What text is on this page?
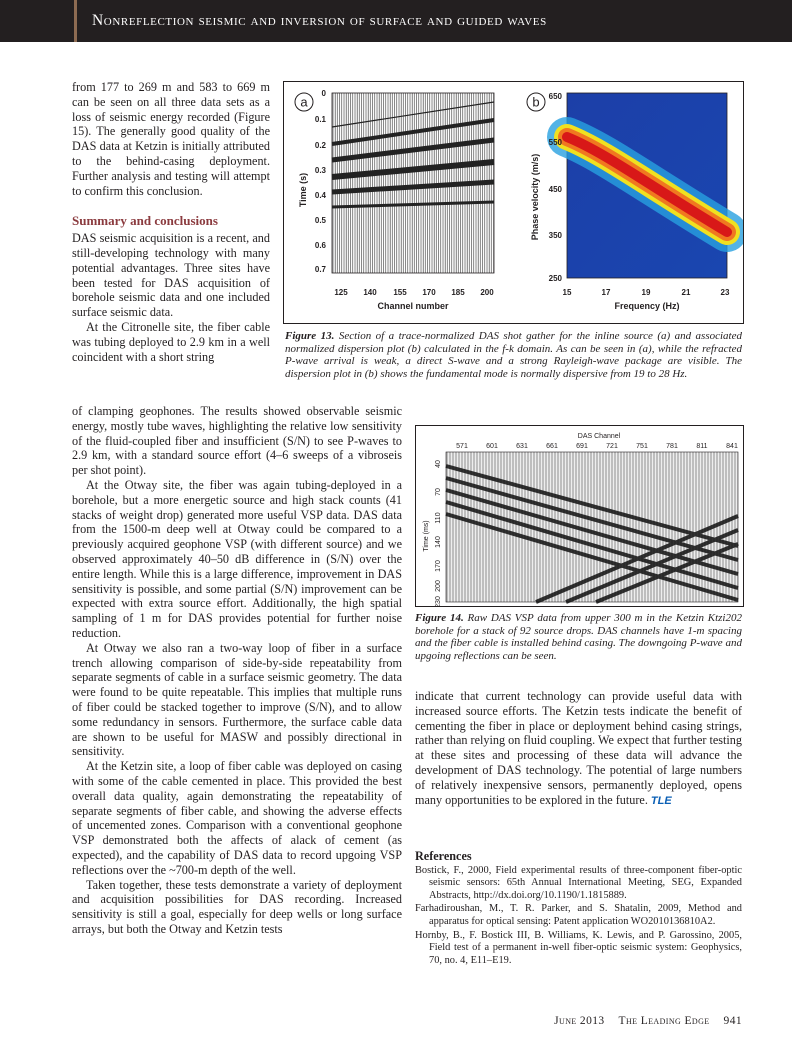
Nonreflection seismic and inversion of surface and guided waves

from 177 to 269 m and 583 to 669 m can be seen on all three data sets as a loss of seismic energy recorded (Figure 15). The generally good quality of the DAS data at Ketzin is initially attributed to the behind-casing deployment. Further analysis and testing will attempt to confirm this conclusion.

Summary and conclusions

DAS seismic acquisition is a recent, and still-developing technology with many potential advantages. Three sites have been tested for DAS acquisition of borehole seismic data and one included surface seismic data.

At the Citronelle site, the fiber cable was tubing deployed to 2.9 km in a well coincident with a short string

of clamping geophones. The results showed observable seismic energy, mostly tube waves, highlighting the relative low sensitivity of the fluid-coupled fiber and insufficient (S/N) to see P-waves to 2.9 km, with a standard source effort (4–6 sweeps of a vibroseis per shot point).

At the Otway site, the fiber was again tubing-deployed in a borehole, but a more energetic source and high stack counts (41 stacks of weight drop) generated more useful VSP data. DAS data from the 1500-m deep well at Otway could be compared to a previously acquired geophone VSP (with different source) and we observed approximately 40–50 dB difference in (S/N) over the entire length. While this is a large difference, improvement in DAS sensitivity is possible, and some partial (S/N) improvement can be expected with extra source effort. Additionally, the high spatial sampling of 1 m for DAS provides potential for further noise reduction.

At Otway we also ran a two-way loop of fiber in a surface trench allowing comparison of side-by-side repeatability from separate segments of cable in a surface seismic geometry. The data were found to be quite repeatable. This implies that multiple runs of fiber could be stacked together to improve (S/N), and to allow some redundancy in sensors. Furthermore, the surface cable data are shown to be useful for MASW and possibly directional in sensitivity.

At the Ketzin site, a loop of fiber cable was deployed on casing with some of the cable cemented in place. This provided the best overall data quality, again demonstrating the repeatability of separate segments of fiber cable, and showing the adverse effects of uncemented zones. Comparison with a conventional geophone VSP demonstrated both the affects of alack of cement (as expected), and the capability of DAS data to record upgoing VSP reflections over the ~700-m depth of the well.

Taken together, these tests demonstrate a variety of deployment and acquisition possibilities for DAS recording. Increased sensitivity is still a goal, especially for deep wells or long surface arrays, but both the Otway and Ketzin tests

a
0
0.1
0.2
0.3
0.4
0.5
0.6
0.7
Time (s)
125 140 155 170 185 200
Channel number
b 650
550
450
350
250
Phase velocity (m/s)
15	17	19	21	23
Frequency (Hz)
Figure 13. Section of a trace-normalized DAS shot gather for the inline source (a) and associated normalized dispersion plot (b) calculated in the f-k domain. As can be seen in (a), while the refracted P-wave arrival is weak, a direct S-wave and a strong Rayleigh-wave package are visible. The dispersion plot in (b) shows the fundamental mode is normally dispersive from 19 to 28 Hz.
DAS Channel
571	601	631	661	691	721	751	781	811	841
40
70
110
140
170
200
230
Time (ms)
Figure 14. Raw DAS VSP data from upper 300 m in the Ketzin Ktzi202 borehole for a stack of 92 source drops. DAS channels have 1-m spacing and the fiber cable is installed behind casing. The downgoing P-wave and upgoing reflections can be seen.

indicate that current technology can provide useful data with increased source efforts. The Ketzin tests indicate the benefit of cementing the fiber in place or deployment behind casing strings, rather than relying on fluid coupling. We expect that further testing at these sites and processing of these data will advance the development of DAS technology. The potential of large numbers of relatively inexpensive sensors, permanently deployed, opens many opportunities to be explored in the future. TLE

References
Bostick, F., 2000, Field experimental results of three-component fiber-optic seismic sensors: 65th Annual International Meeting, SEG, Expanded Abstracts, http://dx.doi.org/10.1190/1.1815889.
Farhadiroushan, M., T. R. Parker, and S. Shatalin, 2009, Method and apparatus for optical sensing: Patent application WO2010136810A2.
Hornby, B., F. Bostick III, B. Williams, K. Lewis, and P. Garossino, 2005, Field test of a permanent in-well fiber-optic seismic system: Geophysics, 70, no. 4, E11–E19.
June 2013 The Leading Edge 941
